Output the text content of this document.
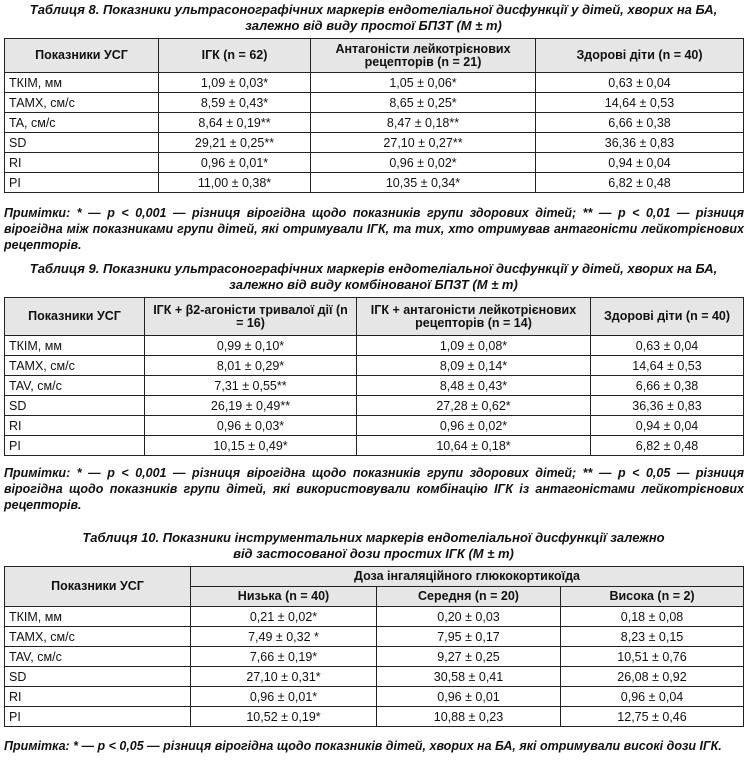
Таблиця 8. Показники ультрасонографічних маркерів ендотеліальної дисфункції у дітей, хворих на БА,
залежно від виду простої БПЗТ (M ± m)
Показники УСГ	ІГК (n = 62)	Антагоністи лейкотрієнових рецепторів (n = 21)	Здорові діти (n = 40)
ТКІМ, мм	1,09 ± 0,03*	1,05 ± 0,06*	0,63 ± 0,04
ТАМХ, см/с	8,59 ± 0,43*	8,65 ± 0,25*	14,64 ± 0,53
TA, см/с	8,64 ± 0,19**	8,47 ± 0,18**	6,66 ± 0,38
SD	29,21 ± 0,25**	27,10 ± 0,27**	36,36 ± 0,83
RI	0,96 ± 0,01*	0,96 ± 0,02*	0,94 ± 0,04
PI	11,00 ± 0,38*	10,35 ± 0,34*	6,82 ± 0,48
Примітки: * — р < 0,001 — різниця вірогідна щодо показників групи здорових дітей; ** — р < 0,01 — різниця вірогідна між показниками групи дітей, які отримували ІГК, та тих, хто отримував антагоністи лейкотрієнових рецепторів.
Таблиця 9. Показники ультрасонографічних маркерів ендотеліальної дисфункції у дітей, хворих на БА,
залежно від виду комбінованої БПЗТ (M ± m)
Показники УСГ	ІГК + β2-агоністи тривалої дії (n = 16)	ІГК + антагоністи лейкотрієнових рецепторів (n = 14)	Здорові діти (n = 40)
ТКІМ, мм	0,99 ± 0,10*	1,09 ± 0,08*	0,63 ± 0,04
ТАМХ, см/с	8,01 ± 0,29*	8,09 ± 0,14*	14,64 ± 0,53
TAV, см/с	7,31 ± 0,55**	8,48 ± 0,43*	6,66 ± 0,38
SD	26,19 ± 0,49**	27,28 ± 0,62*	36,36 ± 0,83
RI	0,96 ± 0,03*	0,96 ± 0,02*	0,94 ± 0,04
PI	10,15 ± 0,49*	10,64 ± 0,18*	6,82 ± 0,48
Примітки: * — р < 0,001 — різниця вірогідна щодо показників групи здорових дітей; ** — р < 0,05 — різниця вірогідна щодо показників групи дітей, які використовували комбінацію ІГК із антагоністами лейкотрієнових рецепторів.
Таблиця 10. Показники інструментальних маркерів ендотеліальної дисфункції залежно
від застосованої дози простих ІГК (M ± m)
Показники УСГ	Доза інгаляційного глюкокортикоїда		
	Низька (n = 40)	Середня (n = 20)	Висока (n = 2)
ТКІМ, мм	0,21 ± 0,02*	0,20 ± 0,03	0,18 ± 0,08
ТАМХ, см/с	7,49 ± 0,32 *	7,95 ± 0,17	8,23 ± 0,15
TAV, см/с	7,66 ± 0,19*	9,27 ± 0,25	10,51 ± 0,76
SD	27,10 ± 0,31*	30,58 ± 0,41	26,08 ± 0,92
RI	0,96 ± 0,01*	0,96 ± 0,01	0,96 ± 0,04
PI	10,52 ± 0,19*	10,88 ± 0,23	12,75 ± 0,46
Примітка: * — р < 0,05 — різниця вірогідна щодо показників дітей, хворих на БА, які отримували високі дози ІГК.
